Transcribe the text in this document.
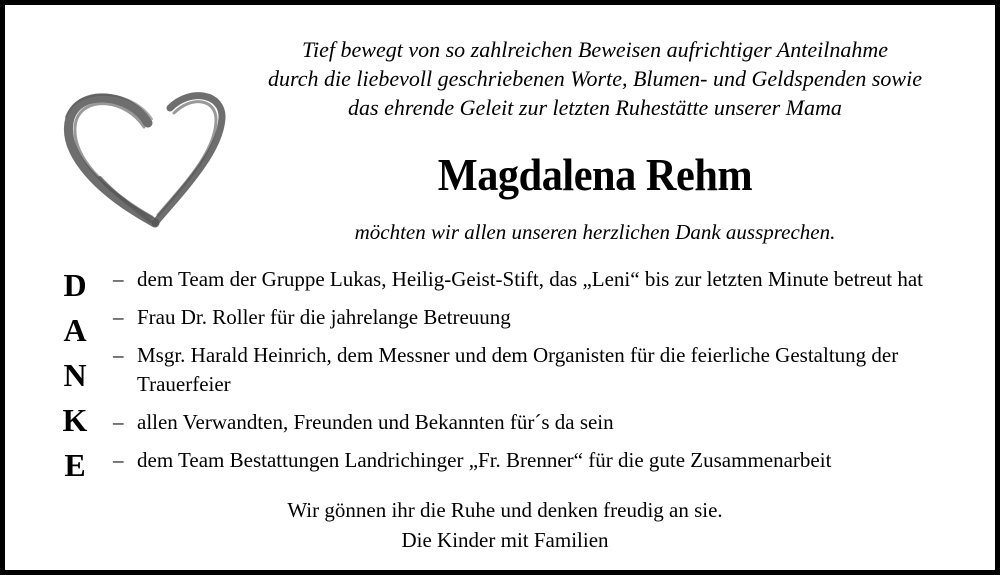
Tief bewegt von so zahlreichen Beweisen aufrichtiger Anteilnahme
durch die liebevoll geschriebenen Worte, Blumen- und Geldspenden sowie
das ehrende Geleit zur letzten Ruhestätte unserer Mama
Magdalena Rehm
möchten wir allen unseren herzlichen Dank aussprechen.
D
A
N
K
E
– dem Team der Gruppe Lukas, Heilig-Geist-Stift, das „Leni“ bis zur letzten Minute betreut hat
– Frau Dr. Roller für die jahrelange Betreuung
– Msgr. Harald Heinrich, dem Messner und dem Organisten für die feierliche Gestaltung der Trauerfeier
– allen Verwandten, Freunden und Bekannten für´s da sein
– dem Team Bestattungen Landrichinger „Fr. Brenner“ für die gute Zusammenarbeit
Wir gönnen ihr die Ruhe und denken freudig an sie.
Die Kinder mit Familien
